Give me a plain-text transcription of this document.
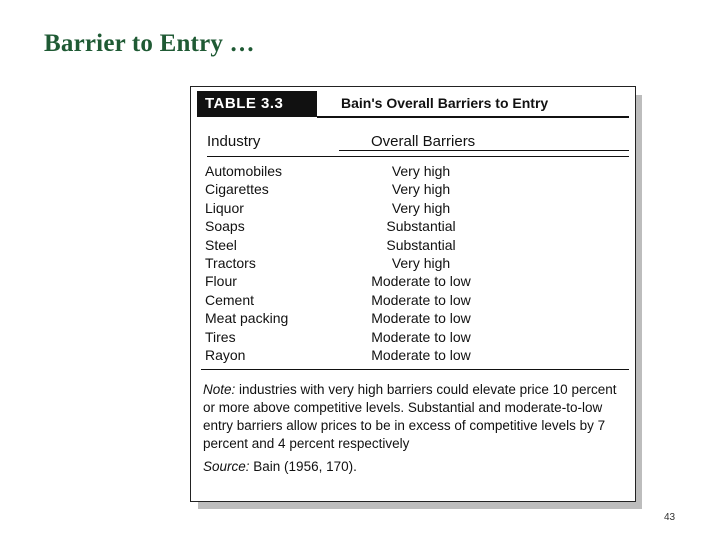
Barrier to Entry …
TABLE 3.3	Bain's Overall Barriers to Entry
Industry	Overall Barriers
Automobiles	Very high
Cigarettes	Very high
Liquor	Very high
Soaps	Substantial
Steel	Substantial
Tractors	Very high
Flour	Moderate to low
Cement	Moderate to low
Meat packing	Moderate to low
Tires	Moderate to low
Rayon	Moderate to low
Note: industries with very high barriers could elevate price 10 percent or more above competitive levels. Substantial and moderate-to-low entry barriers allow prices to be in excess of competitive levels by 7 percent and 4 percent respectively
Source: Bain (1956, 170).
43
